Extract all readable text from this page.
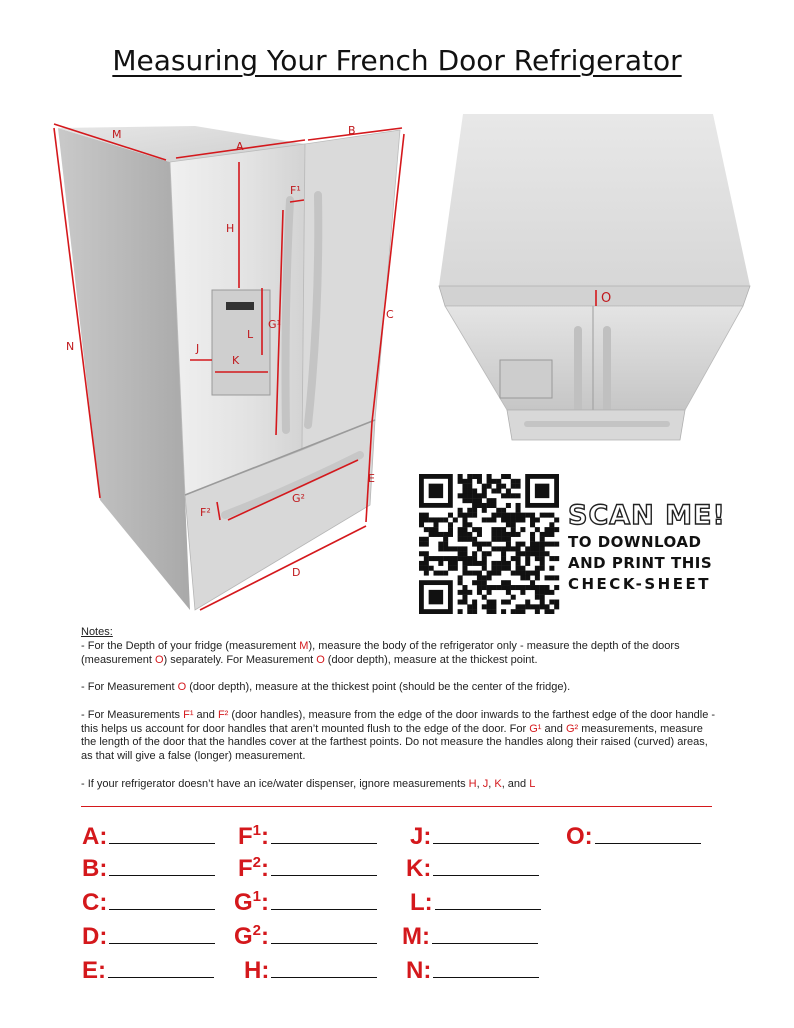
Measuring Your French Door Refrigerator
M
A
B
F¹
H
C
L
G¹
N	J
K
E
F²
G²
D
O
SCAN ME!
TO DOWNLOAD
AND PRINT THIS
CHECK-SHEET

Notes:

- For the Depth of your fridge (measurement M), measure the body of the refrigerator only - measure the depth of the doors (measurement O) separately. For Measurement O (door depth), measure at the thickest point.

- For Measurement O (door depth), measure at the thickest point (should be the center of the fridge).

- For Measurements F¹ and F² (door handles), measure from the edge of the door inwards to the farthest edge of the door handle - this helps us account for door handles that aren’t mounted flush to the edge of the door. For G¹ and G² measurements, measure the length of the door that the handles cover at the farthest points. Do not measure the handles along their raised (curved) areas, as that will give a false (longer) measurement.

- If your refrigerator doesn’t have an ice/water dispenser, ignore measurements H, J, K, and L

A:
B:
C:
D:
E:
$F^1$:
$F^2$:
$G^1$:
$G^2$:
H:
J:
K:
L:
M:
N:
O:
